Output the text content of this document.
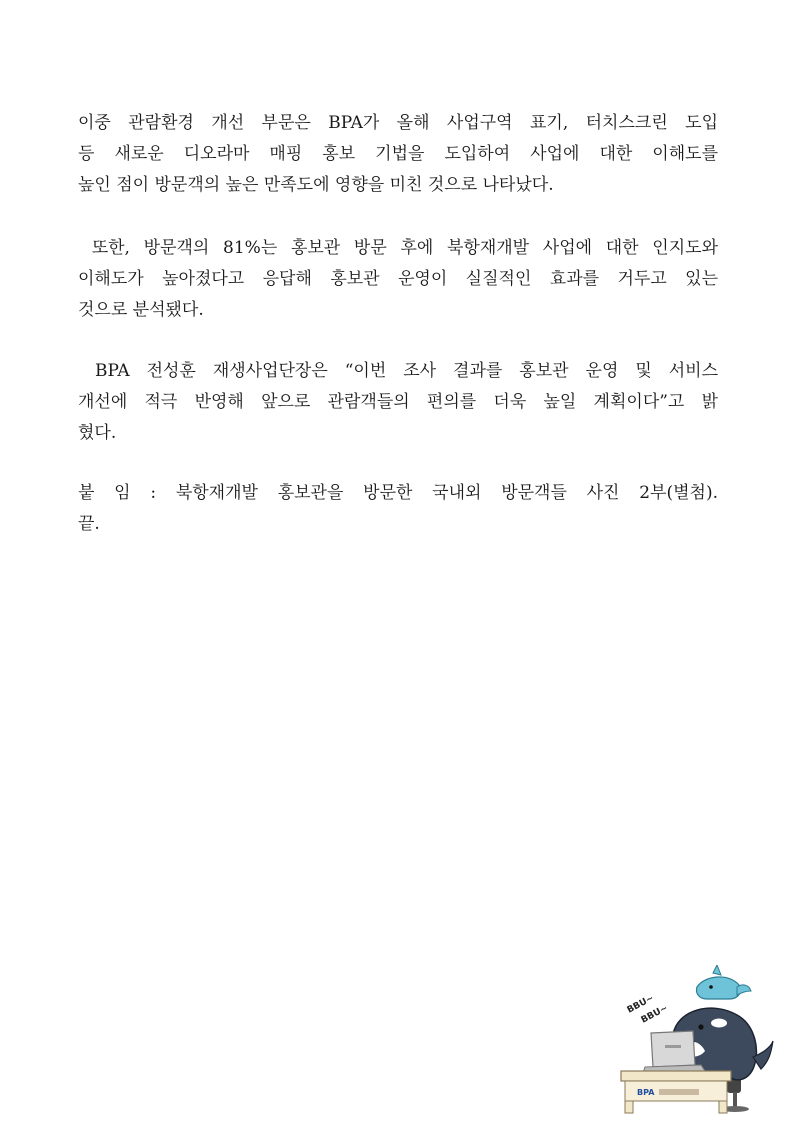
이중 관람환경 개선 부문은 BPA가 올해 사업구역 표기, 터치스크린 도입
등 새로운 디오라마 매핑 홍보 기법을 도입하여 사업에 대한 이해도를
높인 점이 방문객의 높은 만족도에 영향을 미친 것으로 나타났다.

또한, 방문객의 81%는 홍보관 방문 후에 북항재개발 사업에 대한 인지도와
이해도가 높아졌다고 응답해 홍보관 운영이 실질적인 효과를 거두고 있는
것으로 분석됐다.

BPA 전성훈 재생사업단장은 “이번 조사 결과를 홍보관 운영 및 서비스
개선에 적극 반영해 앞으로 관람객들의 편의를 더욱 높일 계획이다”고 밝
혔다.

붙 임 : 북항재개발 홍보관을 방문한 국내외 방문객들 사진 2부(별첨).
끝.

BBU~
BBU~
BPA
